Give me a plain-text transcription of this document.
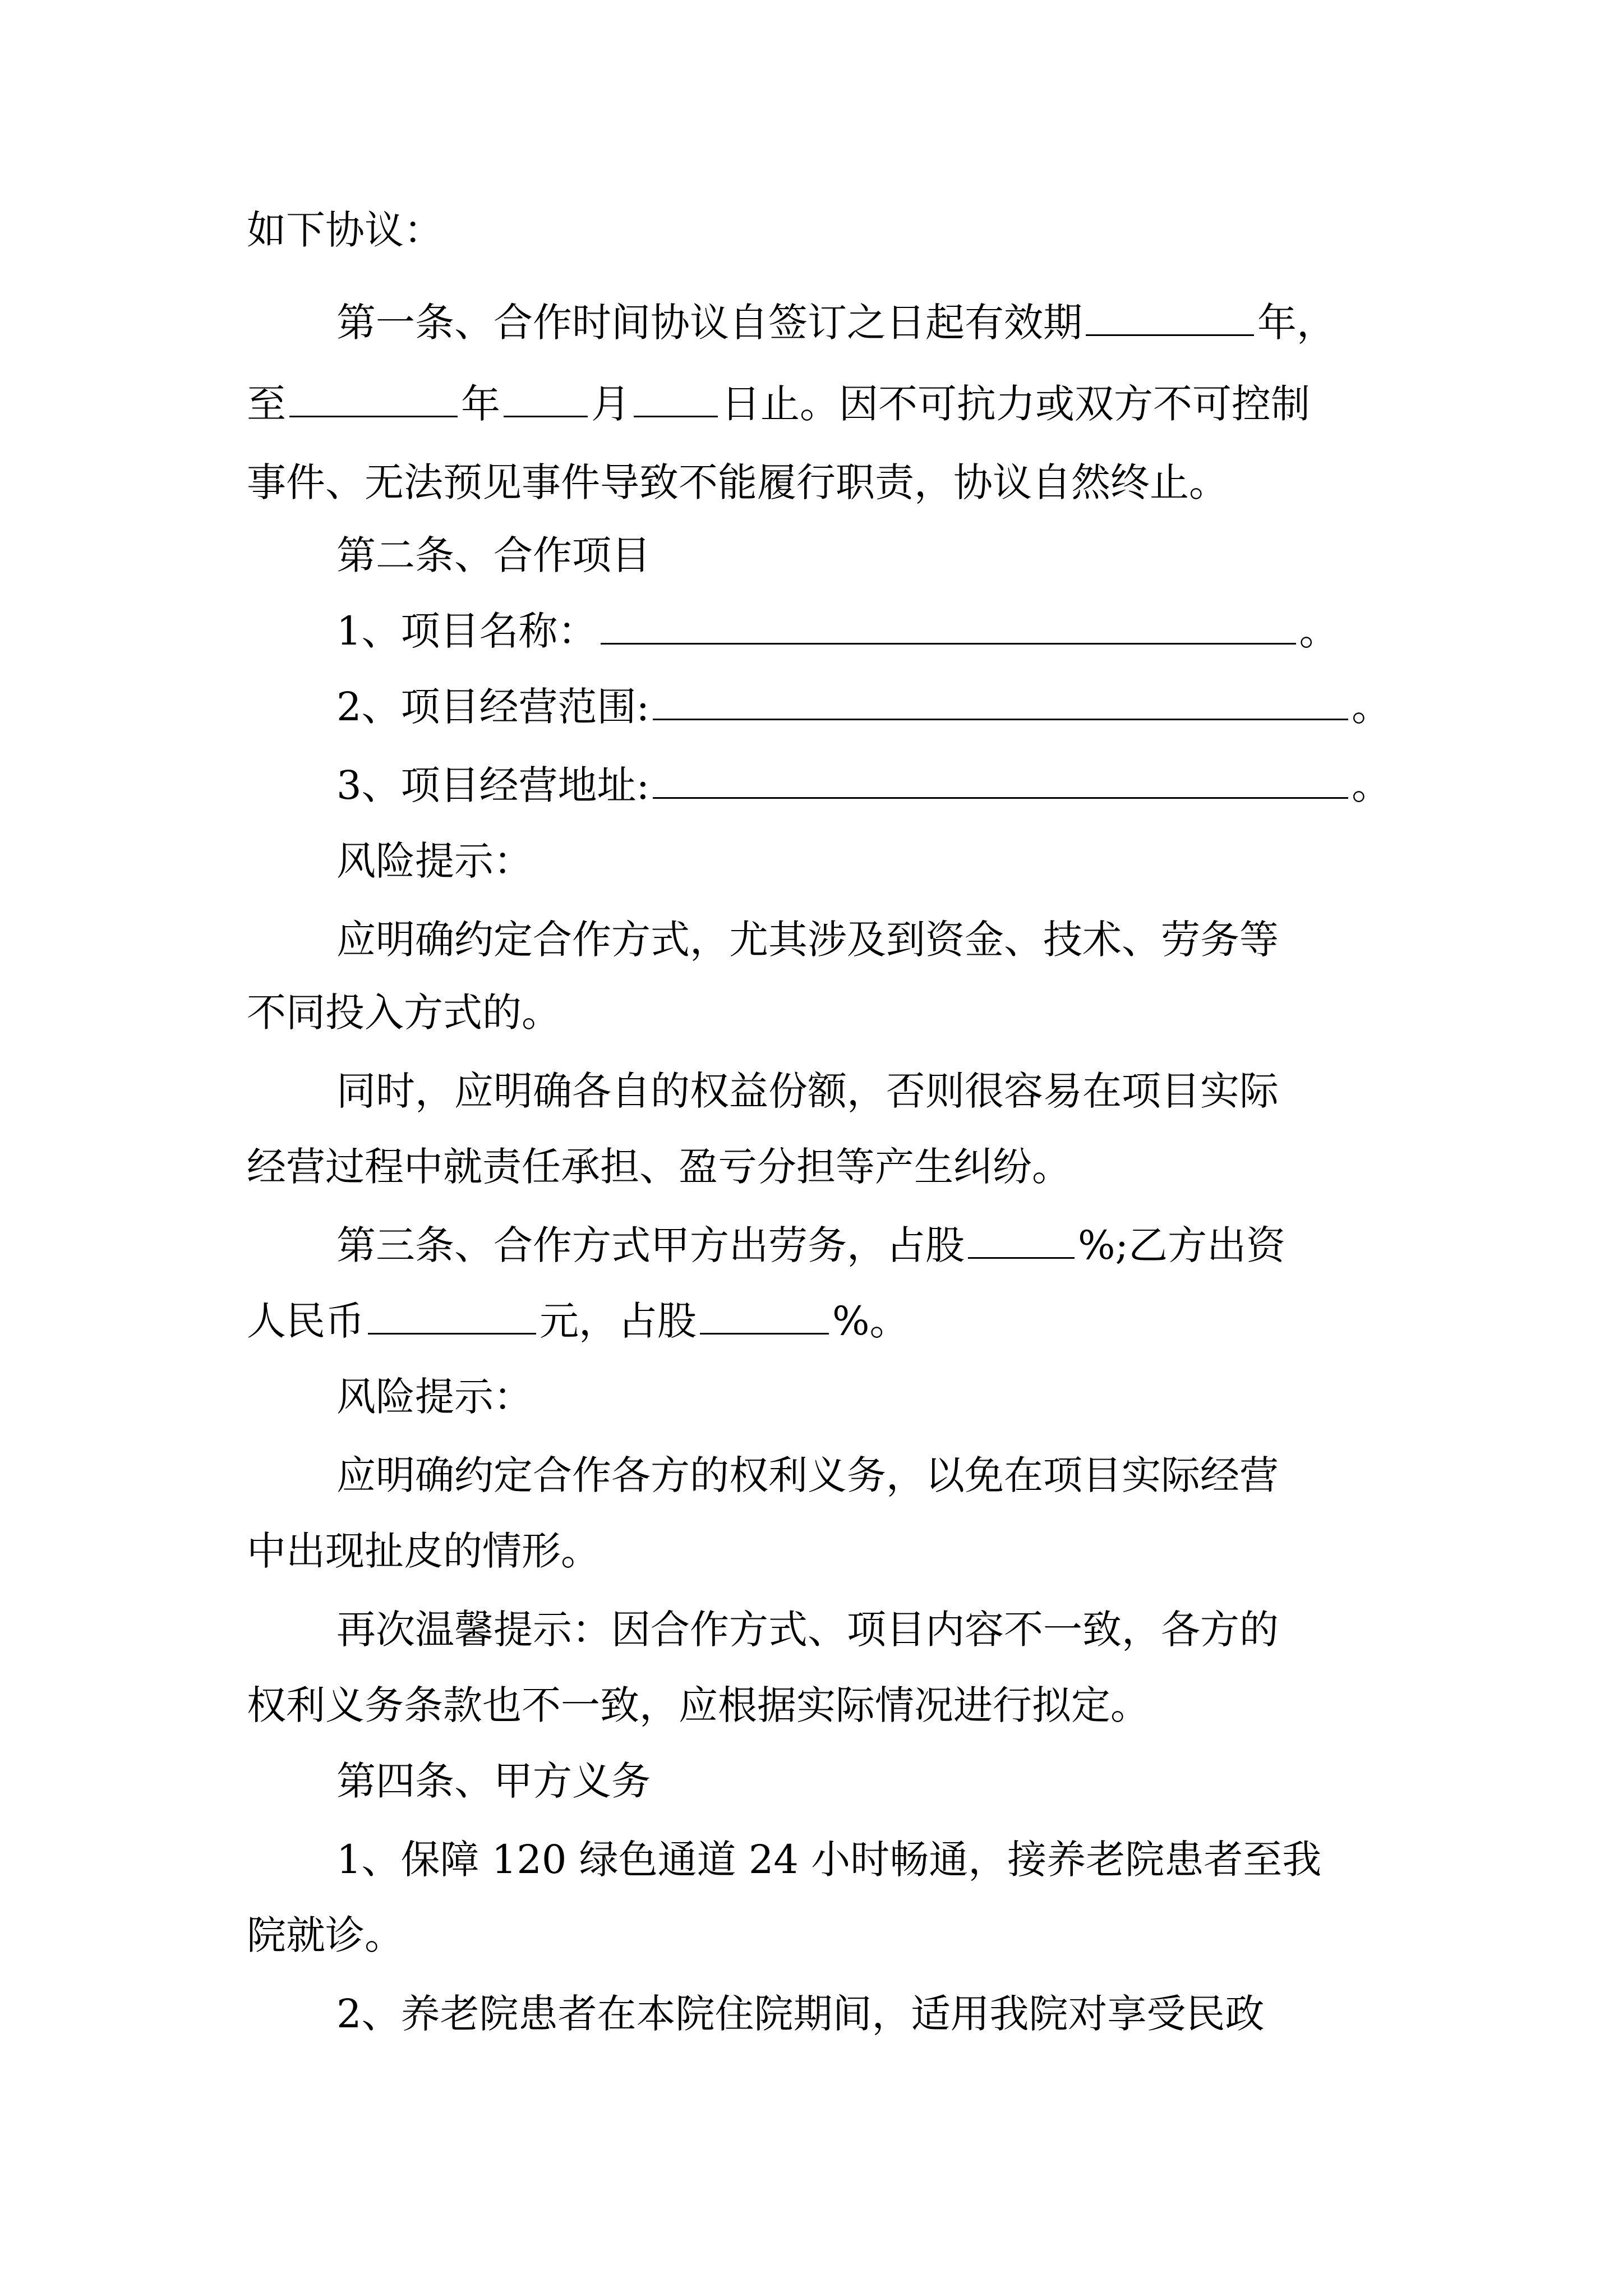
如下协议：
第一条、合作时间协议自签订之日起有效期	年，
至	年 月 日止。因不可抗力或双方不可控制
事件、无法预见事件导致不能履行职责，协议自然终止。
第二条、合作项目
1、项目名称：	。
2、项目经营范围:	。
3、项目经营地址:	。
风险提示：
应明确约定合作方式，尤其涉及到资金、技术、劳务等
不同投入方式的。
同时，应明确各自的权益份额，否则很容易在项目实际
经营过程中就责任承担、盈亏分担等产生纠纷。
第三条、合作方式甲方出劳务，占股	%;乙方出资
人民币	元，占股	%。
风险提示：
应明确约定合作各方的权利义务，以免在项目实际经营
中出现扯皮的情形。
再次温馨提示：因合作方式、项目内容不一致，各方的
权利义务条款也不一致，应根据实际情况进行拟定。
第四条、甲方义务
1、保障 120 绿色通道 24 小时畅通，接养老院患者至我
院就诊。
2、养老院患者在本院住院期间，适用我院对享受民政
